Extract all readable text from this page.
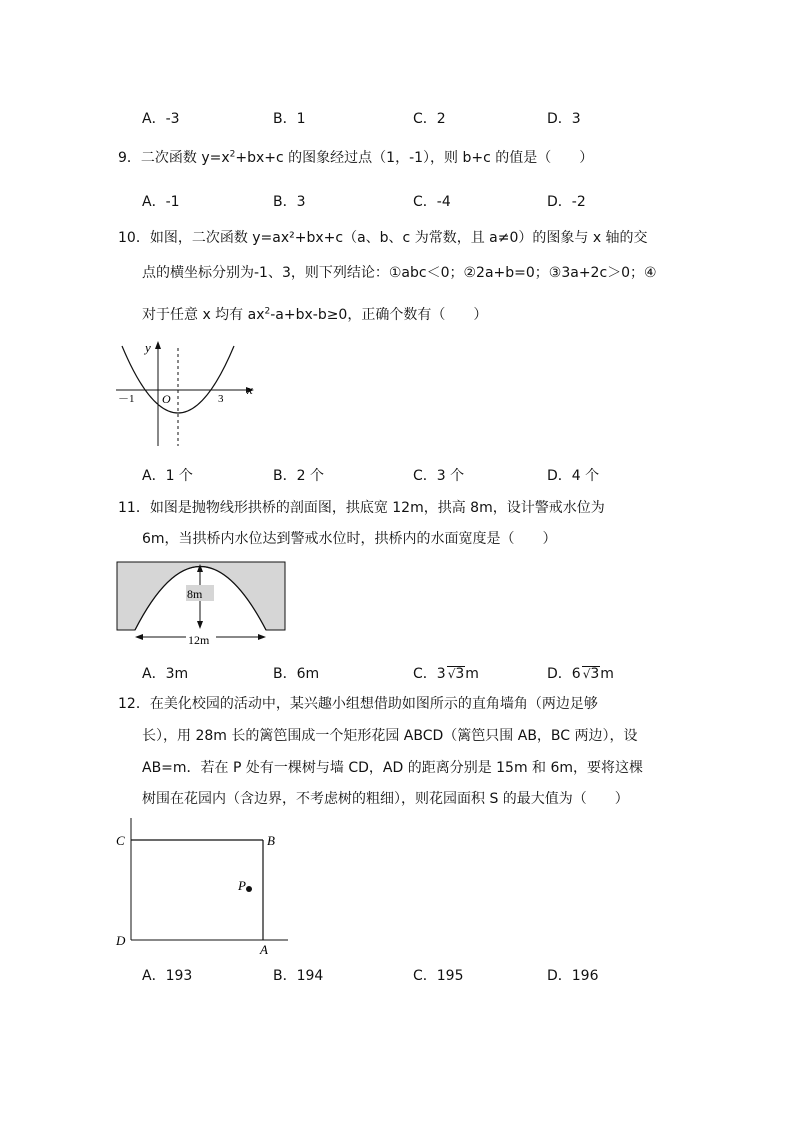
A．-3	B．1	C．2	D．3
9．二次函数 $y=x^2+bx+c$ 的图象经过点（1，-1），则 b+c 的值是（　　）
A．-1	B．3	C．-4	D．-2
10．如图，二次函数 y=ax²+bx+c（a、b、c 为常数，且 a≠0）的图象与 x 轴的交
点的横坐标分别为-1、3，则下列结论：①abc＜0；②2a+b=0；③3a+2c＞0；④
对于任意 x 均有 $ax^2-a+bx-b\ge 0$，正确个数有（　　）
y
x
O
－1	3
A．1 个	B．2 个	C．3 个	D．4 个
11．如图是抛物线形拱桥的剖面图，拱底宽 12m，拱高 8m，设计警戒水位为
6m，当拱桥内水位达到警戒水位时，拱桥内的水面宽度是（　　）
8m
12m
A．3m	B．6m	C．3 √3m	D．6 √3m
12．在美化校园的活动中，某兴趣小组想借助如图所示的直角墙角（两边足够
长），用 28m 长的篱笆围成一个矩形花园 ABCD（篱笆只围 AB，BC 两边），设
AB=m．若在 P 处有一棵树与墙 CD，AD 的距离分别是 15m 和 6m，要将这棵
树围在花园内（含边界，不考虑树的粗细），则花园面积 S 的最大值为（　　）
C	B
P
D
A
A．193	B．194	C．195	D．196
